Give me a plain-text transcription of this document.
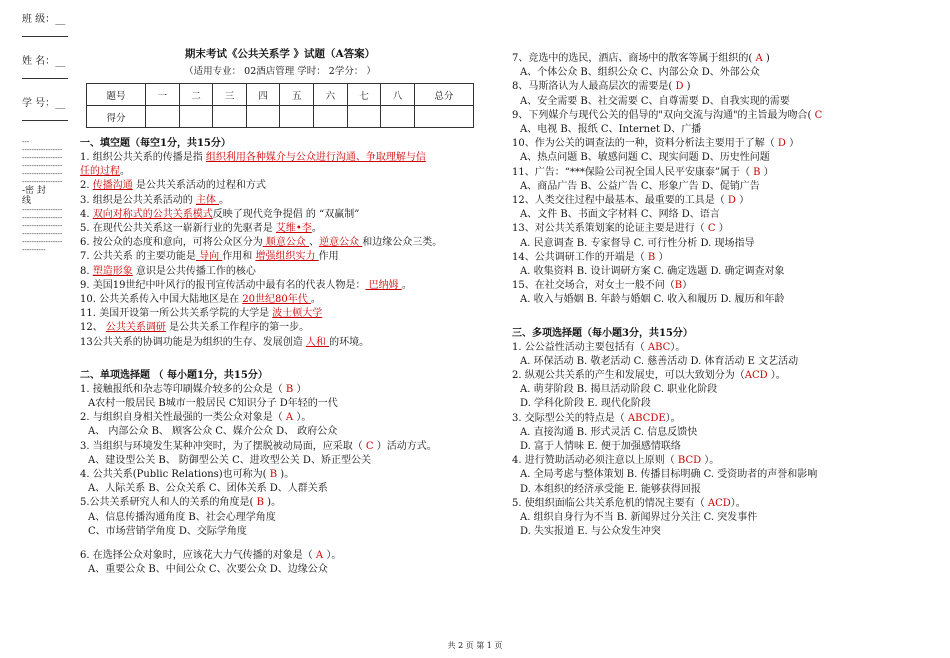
班 级：__
姓 名：__
学 号：__
---
-----------------
-----------------
-----------------
-----------------
-----------------
-密 封
线
-----------------
-----------------
-----------------
-----------------
-----------------
----------
期末考试《公共关系学 》试题（A答案）
（适用专业： 02酒店管理 学时： 2学分： ）
题号	一	二	三	四	五	六	七	八	总分
得分									
一、填空题（每空1分，共15分）
1. 组织公共关系的传播是指 组织利用各种媒介与公众进行沟通、争取理解与信
任的过程。
2. 传播沟通 是公共关系活动的过程和方式
3. 组织是公共关系活动的 主体 。
4. 双向对称式的公共关系模式反映了现代竞争提倡 的 “双赢制”
5. 在现代公共关系这一崭新行业的先驱者是 艾维•李。
6. 按公众的态度和意向，可将公众区分为 顺意公众 、逆意公众 和边缘公众三类。
7. 公共关系 的主要功能是 导向 作用和 增强组织实力 作用
8. 塑造形象 意识是公共传播工作的核心
9. 美国19世纪中叶风行的报刊宣传活动中最有名的代表人物是： 巴纳姆 。
10. 公共关系传入中国大陆地区是在 20世纪80年代 。
11. 美国开设第一所公共关系学院的大学是 波士顿大学
12、 公共关系调研 是公共关系工作程序的第一步。
13公共关系的协调功能是为组织的生存、发展创造 人和 的环境。
二、单项选择题 （ 每小题1分，共15分）
1. 接触报纸和杂志等印刷媒介较多的公众是（ B ）
A农村一般居民 B城市一般居民 C知识分子 D年轻的一代
2. 与组织自身相关性最强的一类公众对象是（ A ）。
A、 内部公众 B、 顾客公众 C、媒介公众 D、 政府公众
3. 当组织与环境发生某种冲突时，为了摆脱被动局面，应采取（ C ）活动方式。
A、建设型公关 B、 防御型公关 C、进攻型公关 D、矫正型公关
4. 公共关系(Public Relations)也可称为( B )。
A、人际关系 B、公众关系 C、团体关系 D、人群关系
5.公共关系研究人和人的关系的角度是( B )。
A、信息传播沟通角度 B、社会心理学角度
C、市场营销学角度 D、交际学角度
6. 在选择公众对象时，应该花大力气传播的对象是（ A ）。
A、重要公众 B、中间公众 C、次要公众 D、边缘公众
7、竞选中的选民，酒店、商场中的散客等属于组织的( A )
A、个体公众 B、组织公众 C、内部公众 D、外部公众
8、马斯洛认为人最高层次的需要是( D )
A、安全需要 B、社交需要 C、自尊需要 D、自我实现的需要
9、下列媒介与现代公关的倡导的"双向交流与沟通"的主旨最为吻合( C
A、电视 B、报纸 C、Internet D、广播
10、作为公关的调查法的一种，资料分析法主要用于了解（ D ）
A、热点问题 B、敏感问题 C、现实问题 D、历史性问题
11、广告：“***保险公司祝全国人民平安康泰”属于（ B ）
A、商品广告 B、公益广告 C、形象广告 D、促销广告
12、人类交往过程中最基本、最重要的工具是（ D ）
A、文件 B、书面文字材料 C、网络 D、语言
13、对公共关系策划案的论证主要是进行（ C ）
A. 民意调查 B. 专家督导 C. 可行性分析 D. 现场指导
14、公共调研工作的开端是（ B ）
A. 收集资料 B. 设计调研方案 C. 确定选题 D. 确定调查对象
15、在社交场合，对女士一般不问（B）
A. 收入与婚姻 B. 年龄与婚姻 C. 收入和履历 D. 履历和年龄
三、多项选择题（每小题3分，共15分）
1. 公公益性活动主要包括有（ ABC）。
A. 环保活动 B. 敬老活动 C. 慈善活动 D. 体育活动 E 文艺活动
2. 纵观公共关系的产生和发展史，可以大致划分为（ACD ）。
A. 萌芽阶段 B. 揭旦活动阶段 C. 职业化阶段
D. 学科化阶段 E. 现代化阶段
3. 交际型公关的特点是（ ABCDE）。
A. 直接沟通 B. 形式灵活 C. 信息反馈快
D. 富于人情味 E. 便于加强感情联络
4. 进行赞助活动必须注意以上原则（ BCD ）。
A. 全局考虑与整体策划 B. 传播目标明确 C. 受资助者的声誉和影响
D. 本组织的经济承受能 E. 能够获得回报
5. 使组织面临公共关系危机的情况主要有（ ACD）。
A. 组织自身行为不当 B. 新闻界过分关注 C. 突发事件
D. 失实报道 E. 与公众发生冲突
共 2 页 第 1 页
